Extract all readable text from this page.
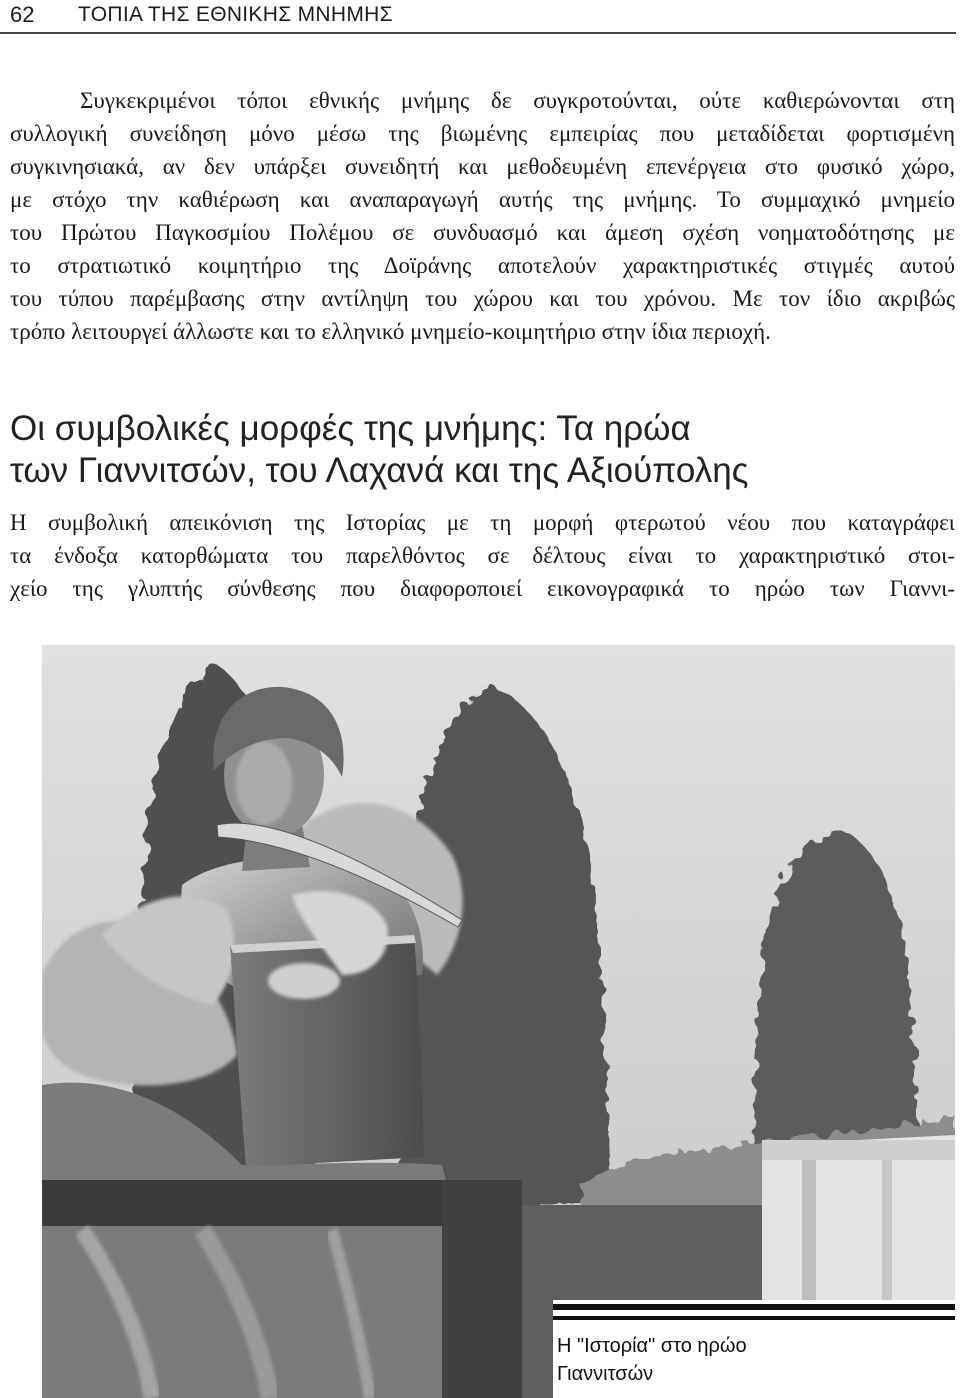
62 ΤΟΠΙΑ ΤΗΣ ΕΘΝΙΚΗΣ ΜΝΗΜΗΣ
Συγκεκριμένοι τόποι εθνικής μνήμης δε συγκροτούνται, ούτε καθιερώνονται στη
συλλογική συνείδηση μόνο μέσω της βιωμένης εμπειρίας που μεταδίδεται φορτισμένη
συγκινησιακά, αν δεν υπάρξει συνειδητή και μεθοδευμένη επενέργεια στο φυσικό χώρο,
με στόχο την καθιέρωση και αναπαραγωγή αυτής της μνήμης. Το συμμαχικό μνημείο
του Πρώτου Παγκοσμίου Πολέμου σε συνδυασμό και άμεση σχέση νοηματοδότησης με
το στρατιωτικό κοιμητήριο της Δοϊράνης αποτελούν χαρακτηριστικές στιγμές αυτού
του τύπου παρέμβασης στην αντίληψη του χώρου και του χρόνου. Με τον ίδιο ακριβώς
τρόπο λειτουργεί άλλωστε και το ελληνικό μνημείο-κοιμητήριο στην ίδια περιοχή.
Οι συμβολικές μορφές της μνήμης: Τα ηρώα
των Γιαννιτσών, του Λαχανά και της Αξιούπολης
Η συμβολική απεικόνιση της Ιστορίας με τη μορφή φτερωτού νέου που καταγράφει
τα ένδοξα κατορθώματα του παρελθόντος σε δέλτους είναι το χαρακτηριστικό στοι-
χείο της γλυπτής σύνθεσης που διαφοροποιεί εικονογραφικά το ηρώο των Γιαννι-
Η "Ιστορία" στο ηρώο
Γιαννιτσών
